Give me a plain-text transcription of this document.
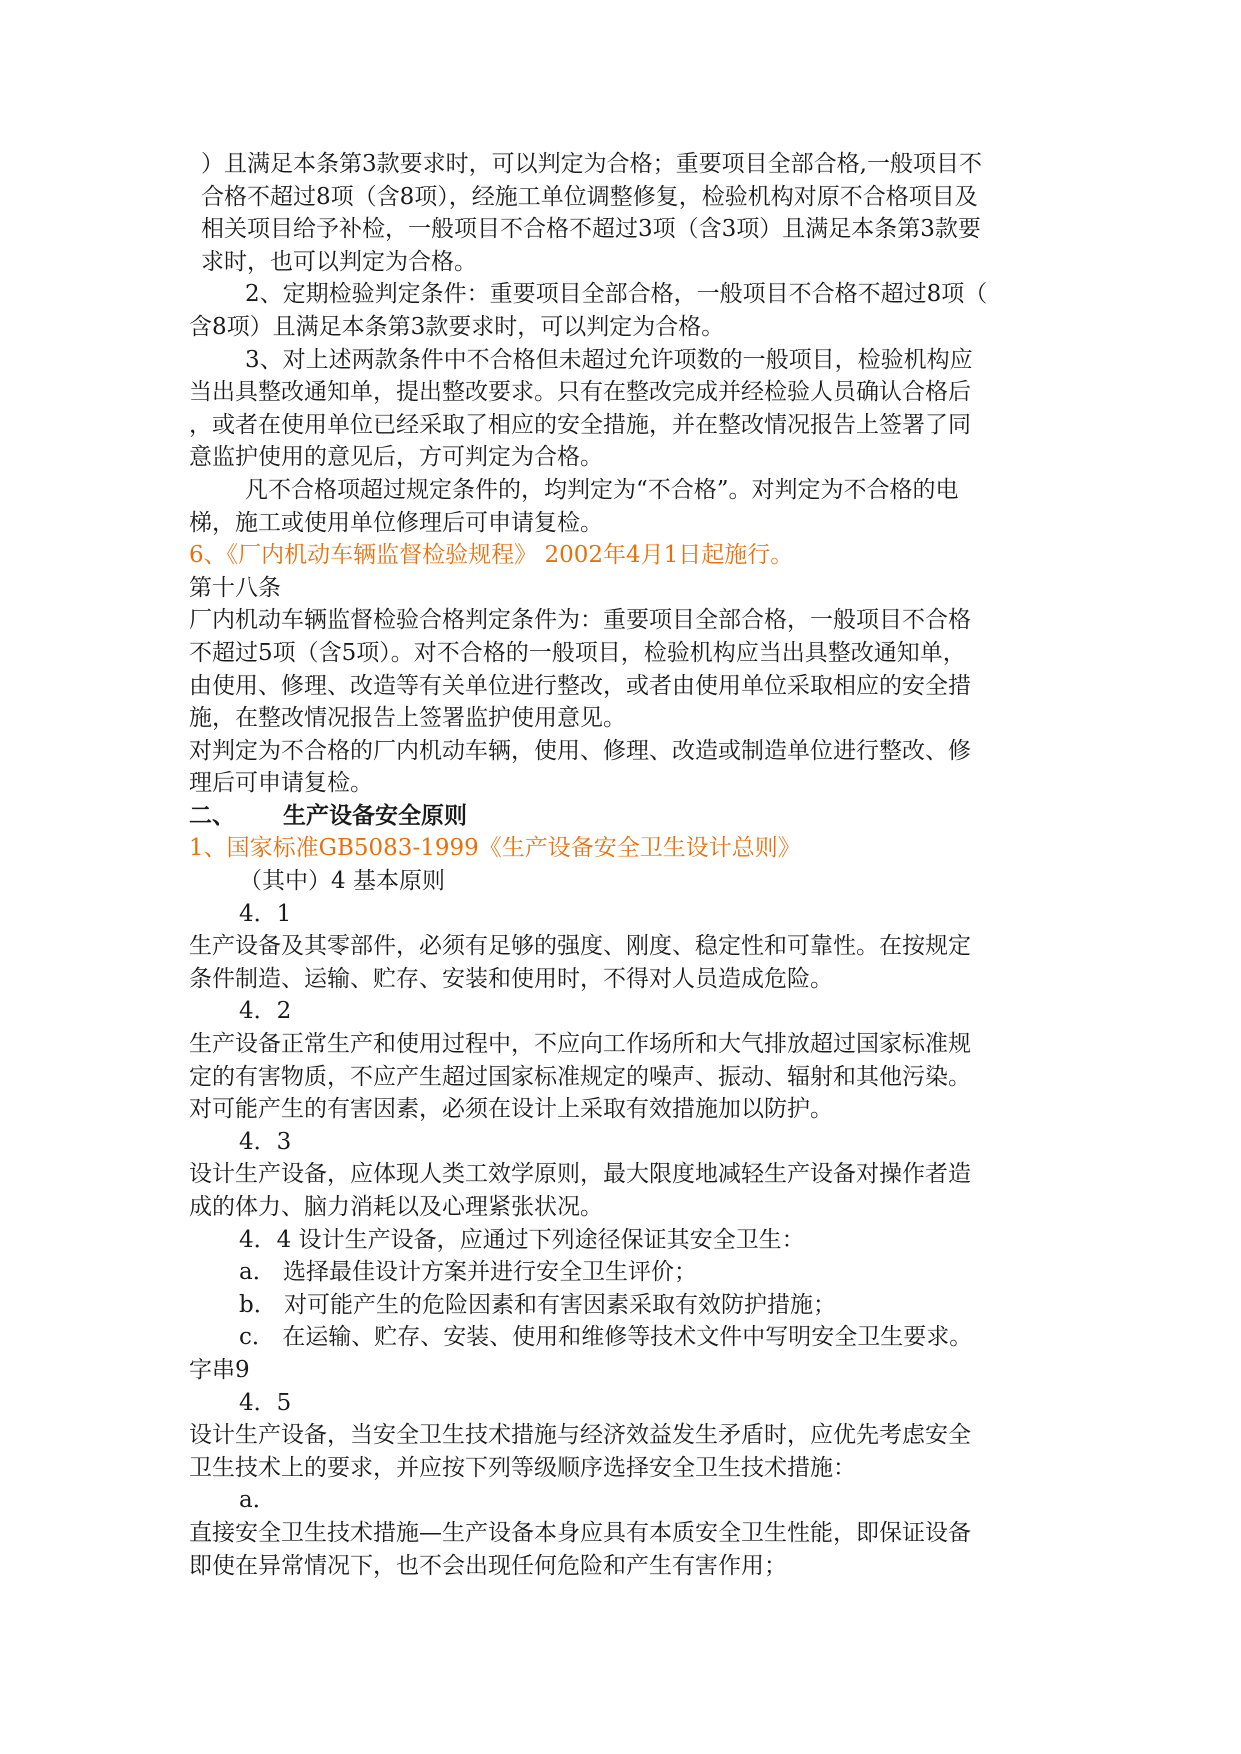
）且满足本条第3款要求时，可以判定为合格；重要项目全部合格,一般项目不
合格不超过8项（含8项），经施工单位调整修复，检验机构对原不合格项目及
相关项目给予补检，一般项目不合格不超过3项（含3项）且满足本条第3款要
求时，也可以判定为合格。
2、定期检验判定条件：重要项目全部合格，一般项目不合格不超过8项（
含8项）且满足本条第3款要求时，可以判定为合格。
3、对上述两款条件中不合格但未超过允许项数的一般项目，检验机构应
当出具整改通知单，提出整改要求。只有在整改完成并经检验人员确认合格后
，或者在使用单位已经采取了相应的安全措施，并在整改情况报告上签署了同
意监护使用的意见后，方可判定为合格。
凡不合格项超过规定条件的，均判定为“不合格”。对判定为不合格的电
梯，施工或使用单位修理后可申请复检。
6、《厂内机动车辆监督检验规程》 2002年4月1日起施行。
第十八条
厂内机动车辆监督检验合格判定条件为：重要项目全部合格，一般项目不合格
不超过5项（含5项）。对不合格的一般项目，检验机构应当出具整改通知单，
由使用、修理、改造等有关单位进行整改，或者由使用单位采取相应的安全措
施，在整改情况报告上签署监护使用意见。
对判定为不合格的厂内机动车辆，使用、修理、改造或制造单位进行整改、修
理后可申请复检。
二、 生产设备安全原则
1、国家标准GB5083-1999《生产设备安全卫生设计总则》
（其中）4 基本原则
4．1
生产设备及其零部件，必须有足够的强度、刚度、稳定性和可靠性。在按规定
条件制造、运输、贮存、安装和使用时，不得对人员造成危险。
4．2
生产设备正常生产和使用过程中，不应向工作场所和大气排放超过国家标准规
定的有害物质，不应产生超过国家标准规定的噪声、振动、辐射和其他污染。
对可能产生的有害因素，必须在设计上采取有效措施加以防护。
4．3
设计生产设备，应体现人类工效学原则，最大限度地减轻生产设备对操作者造
成的体力、脑力消耗以及心理紧张状况。
4．4 设计生产设备，应通过下列途径保证其安全卫生：
a． 选择最佳设计方案并进行安全卫生评价；
b． 对可能产生的危险因素和有害因素采取有效防护措施；
c． 在运输、贮存、安装、使用和维修等技术文件中写明安全卫生要求。
字串9
4．5
设计生产设备，当安全卫生技术措施与经济效益发生矛盾时，应优先考虑安全
卫生技术上的要求，并应按下列等级顺序选择安全卫生技术措施：
a．
直接安全卫生技术措施—生产设备本身应具有本质安全卫生性能，即保证设备
即使在异常情况下，也不会出现任何危险和产生有害作用；
